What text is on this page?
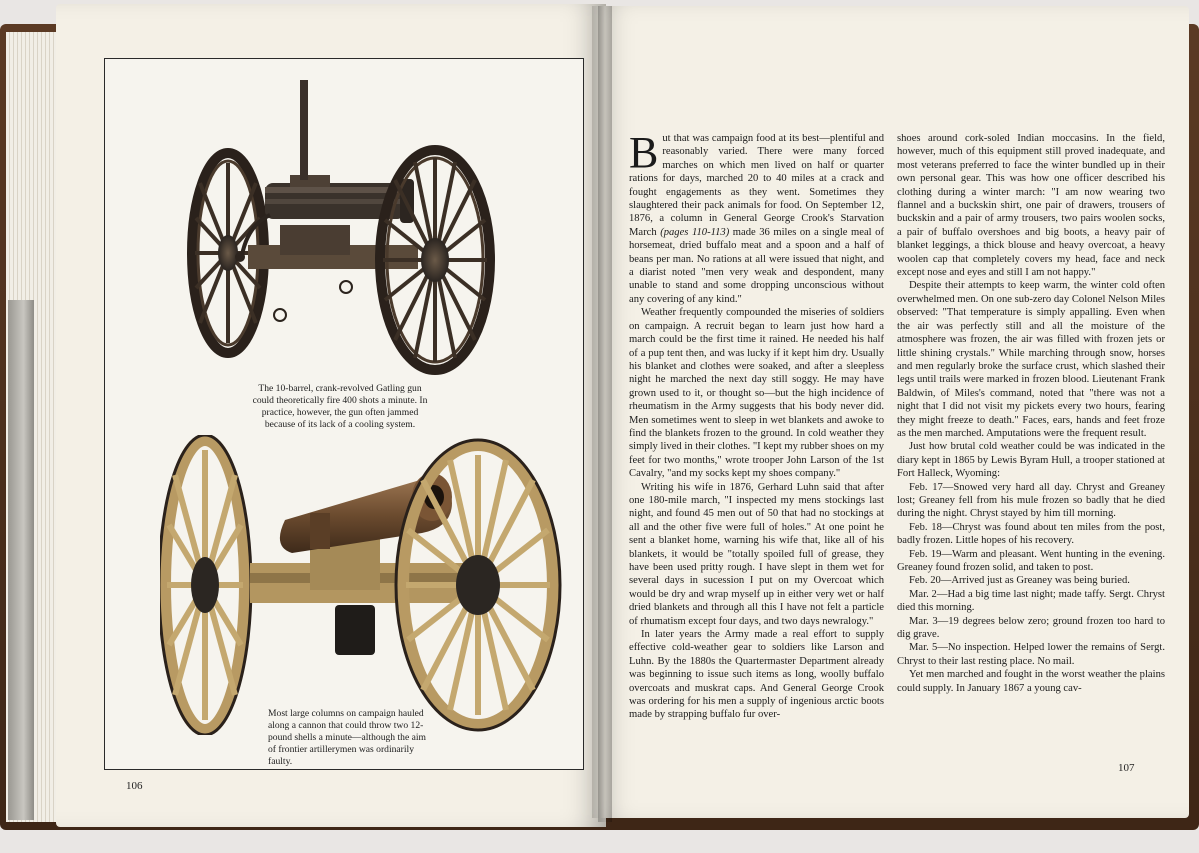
The 10-barrel, crank-revolved Gatling gun could theoretically fire 400 shots a minute. In practice, however, the gun often jammed because of its lack of a cooling system.

Most large columns on campaign hauled along a cannon that could throw two 12-pound shells a minute—although the aim of frontier artillerymen was ordinarily faulty.

106

But that was campaign food at its best—plentiful and reasonably varied. There were many forced marches on which men lived on half or quarter rations for days, marched 20 to 40 miles at a crack and fought engagements as they went. Sometimes they slaughtered their pack animals for food. On September 12, 1876, a column in General George Crook's Starvation March (pages 110-113) made 36 miles on a single meal of horsemeat, dried buffalo meat and a spoon and a half of beans per man. No rations at all were issued that night, and a diarist noted "men very weak and despondent, many unable to stand and some dropping unconscious without any covering of any kind."

Weather frequently compounded the miseries of soldiers on campaign. A recruit began to learn just how hard a march could be the first time it rained. He needed his half of a pup tent then, and was lucky if it kept him dry. Usually his blanket and clothes were soaked, and after a sleepless night he marched the next day still soggy. He may have grown used to it, or thought so—but the high incidence of rheumatism in the Army suggests that his body never did. Men sometimes went to sleep in wet blankets and awoke to find the blankets frozen to the ground. In cold weather they simply lived in their clothes. "I kept my rubber shoes on my feet for two months," wrote trooper John Larson of the 1st Cavalry, "and my socks kept my shoes company."

Writing his wife in 1876, Gerhard Luhn said that after one 180-mile march, "I inspected my mens stockings last night, and found 45 men out of 50 that had no stockings at all and the other five were full of holes." At one point he sent a blanket home, warning his wife that, like all of his blankets, it would be "totally spoiled full of grease, they have been used pritty rough. I have slept in them wet for several days in sucession I put on my Overcoat which would be dry and wrap myself up in either very wet or half dried blankets and through all this I have not felt a particle of rhumatism except four days, and two days newralogy."

In later years the Army made a real effort to supply effective cold-weather gear to soldiers like Larson and Luhn. By the 1880s the Quartermaster Department already was beginning to issue such items as long, woolly buffalo overcoats and muskrat caps. And General George Crook was ordering for his men a supply of ingenious arctic boots made by strapping buffalo fur over-

shoes around cork-soled Indian moccasins. In the field, however, much of this equipment still proved inadequate, and most veterans preferred to face the winter bundled up in their own personal gear. This was how one officer described his clothing during a winter march: "I am now wearing two flannel and a buckskin shirt, one pair of drawers, trousers of buckskin and a pair of army trousers, two pairs woolen socks, a pair of buffalo overshoes and big boots, a heavy pair of blanket leggings, a thick blouse and heavy overcoat, a heavy woolen cap that completely covers my head, face and neck except nose and eyes and still I am not happy."

Despite their attempts to keep warm, the winter cold often overwhelmed men. On one sub-zero day Colonel Nelson Miles observed: "That temperature is simply appalling. Even when the air was perfectly still and all the moisture of the atmosphere was frozen, the air was filled with frozen jets or little shining crystals." While marching through snow, horses and men regularly broke the surface crust, which slashed their legs until trails were marked in frozen blood. Lieutenant Frank Baldwin, of Miles's command, noted that "there was not a night that I did not visit my pickets every two hours, fearing they might freeze to death." Faces, ears, hands and feet froze as the men marched. Amputations were the frequent result.

Just how brutal cold weather could be was indicated in the diary kept in 1865 by Lewis Byram Hull, a trooper stationed at Fort Halleck, Wyoming:

Feb. 17—Snowed very hard all day. Chryst and Greaney lost; Greaney fell from his mule frozen so badly that he died during the night. Chryst stayed by him till morning.

Feb. 18—Chryst was found about ten miles from the post, badly frozen. Little hopes of his recovery.

Feb. 19—Warm and pleasant. Went hunting in the evening. Greaney found frozen solid, and taken to post.

Feb. 20—Arrived just as Greaney was being buried.

Mar. 2—Had a big time last night; made taffy. Sergt. Chryst died this morning.

Mar. 3—19 degrees below zero; ground frozen too hard to dig grave.

Mar. 5—No inspection. Helped lower the remains of Sergt. Chryst to their last resting place. No mail.

Yet men marched and fought in the worst weather the plains could supply. In January 1867 a young cav-

107
